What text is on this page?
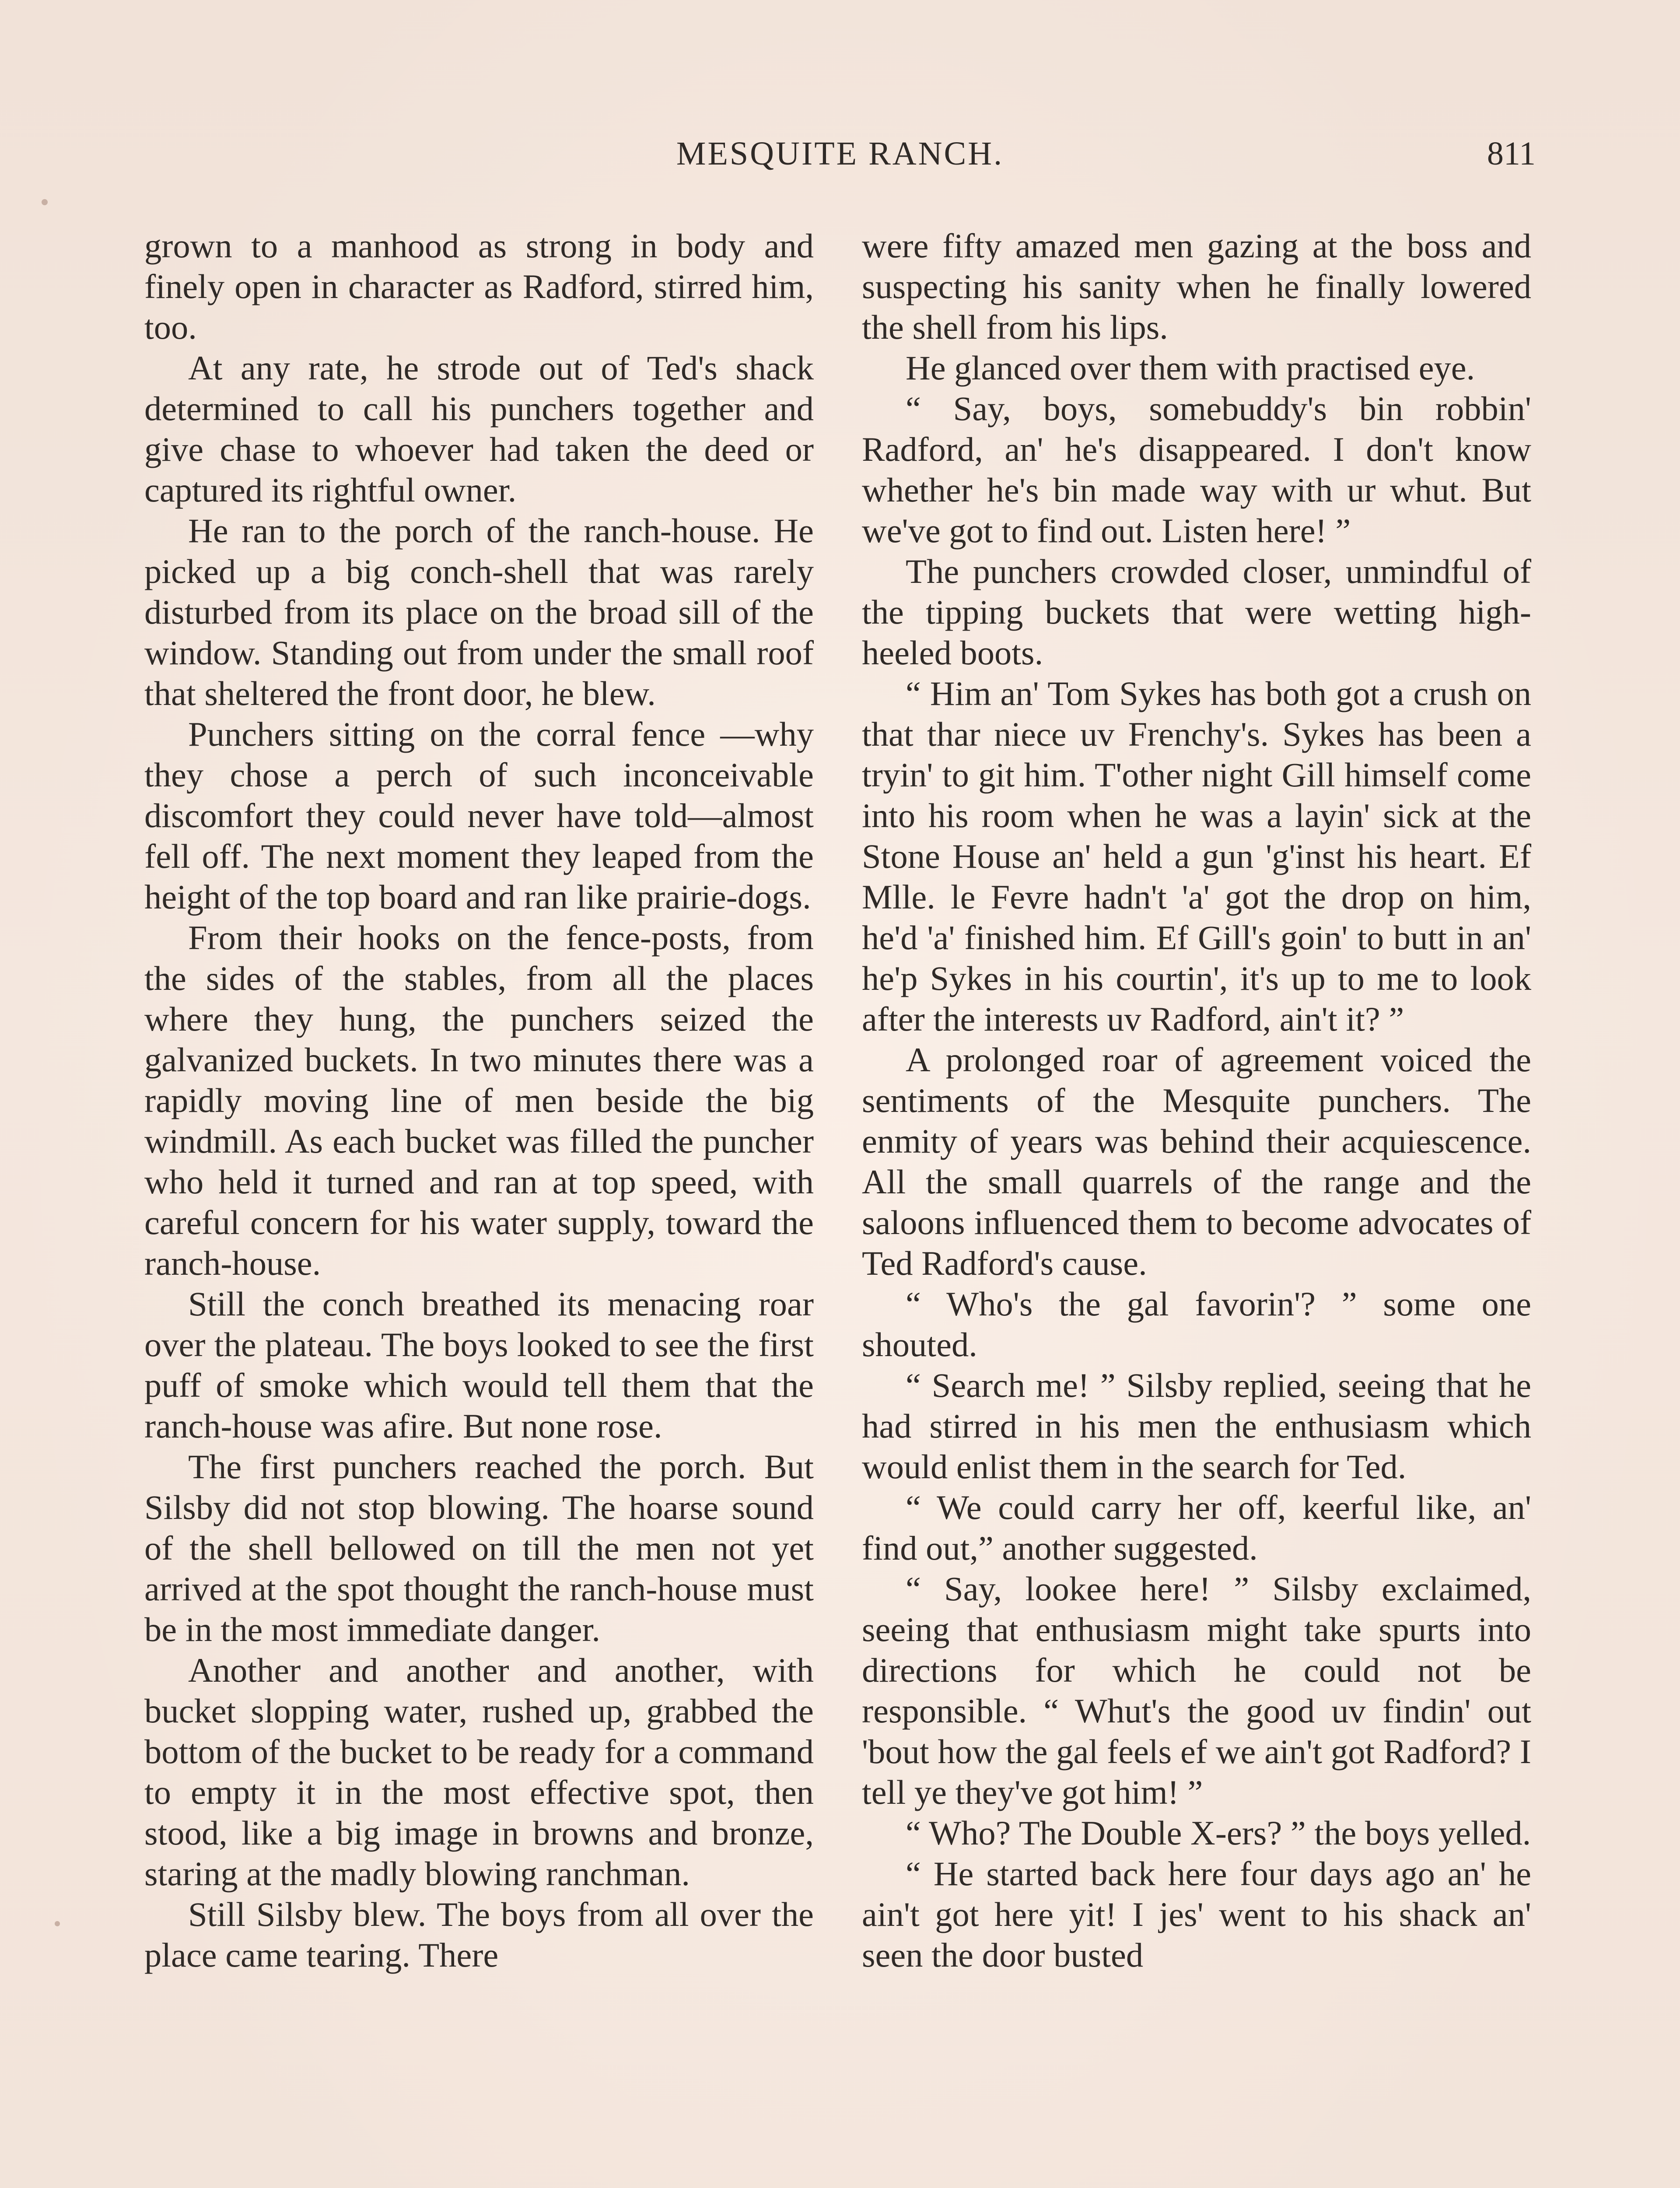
MESQUITE RANCH.	811

grown to a manhood as strong in body and finely open in character as Radford, stirred him, too.

At any rate, he strode out of Ted's shack determined to call his punchers together and give chase to whoever had taken the deed or captured its rightful owner.

He ran to the porch of the ranch-house. He picked up a big conch-shell that was rarely disturbed from its place on the broad sill of the window. Standing out from under the small roof that sheltered the front door, he blew.

Punchers sitting on the corral fence —why they chose a perch of such inconceivable discomfort they could never have told—almost fell off. The next moment they leaped from the height of the top board and ran like prairie-dogs.

From their hooks on the fence-posts, from the sides of the stables, from all the places where they hung, the punchers seized the galvanized buckets. In two minutes there was a rapidly moving line of men beside the big windmill. As each bucket was filled the puncher who held it turned and ran at top speed, with careful concern for his water supply, toward the ranch-house.

Still the conch breathed its menacing roar over the plateau. The boys looked to see the first puff of smoke which would tell them that the ranch-house was afire. But none rose.

The first punchers reached the porch. But Silsby did not stop blowing. The hoarse sound of the shell bellowed on till the men not yet arrived at the spot thought the ranch-house must be in the most immediate danger.

Another and another and another, with bucket slopping water, rushed up, grabbed the bottom of the bucket to be ready for a command to empty it in the most effective spot, then stood, like a big image in browns and bronze, staring at the madly blowing ranchman.

Still Silsby blew. The boys from all over the place came tearing. There

were fifty amazed men gazing at the boss and suspecting his sanity when he finally lowered the shell from his lips.

He glanced over them with practised eye.

“ Say, boys, somebuddy's bin robbin' Radford, an' he's disappeared. I don't know whether he's bin made way with ur whut. But we've got to find out. Listen here! ”

The punchers crowded closer, unmindful of the tipping buckets that were wetting high-heeled boots.

“ Him an' Tom Sykes has both got a crush on that thar niece uv Frenchy's. Sykes has been a tryin' to git him. T'other night Gill himself come into his room when he was a layin' sick at the Stone House an' held a gun 'g'inst his heart. Ef Mlle. le Fevre hadn't 'a' got the drop on him, he'd 'a' finished him. Ef Gill's goin' to butt in an' he'p Sykes in his courtin', it's up to me to look after the interests uv Radford, ain't it? ”

A prolonged roar of agreement voiced the sentiments of the Mesquite punchers. The enmity of years was behind their acquiescence. All the small quarrels of the range and the saloons influenced them to become advocates of Ted Radford's cause.

“ Who's the gal favorin'? ” some one shouted.

“ Search me! ” Silsby replied, seeing that he had stirred in his men the enthusiasm which would enlist them in the search for Ted.

“ We could carry her off, keerful like, an' find out,” another suggested.

“ Say, lookee here! ” Silsby exclaimed, seeing that enthusiasm might take spurts into directions for which he could not be responsible. “ Whut's the good uv findin' out 'bout how the gal feels ef we ain't got Radford? I tell ye they've got him! ”

“ Who? The Double X-ers? ” the boys yelled.

“ He started back here four days ago an' he ain't got here yit! I jes' went to his shack an' seen the door busted
